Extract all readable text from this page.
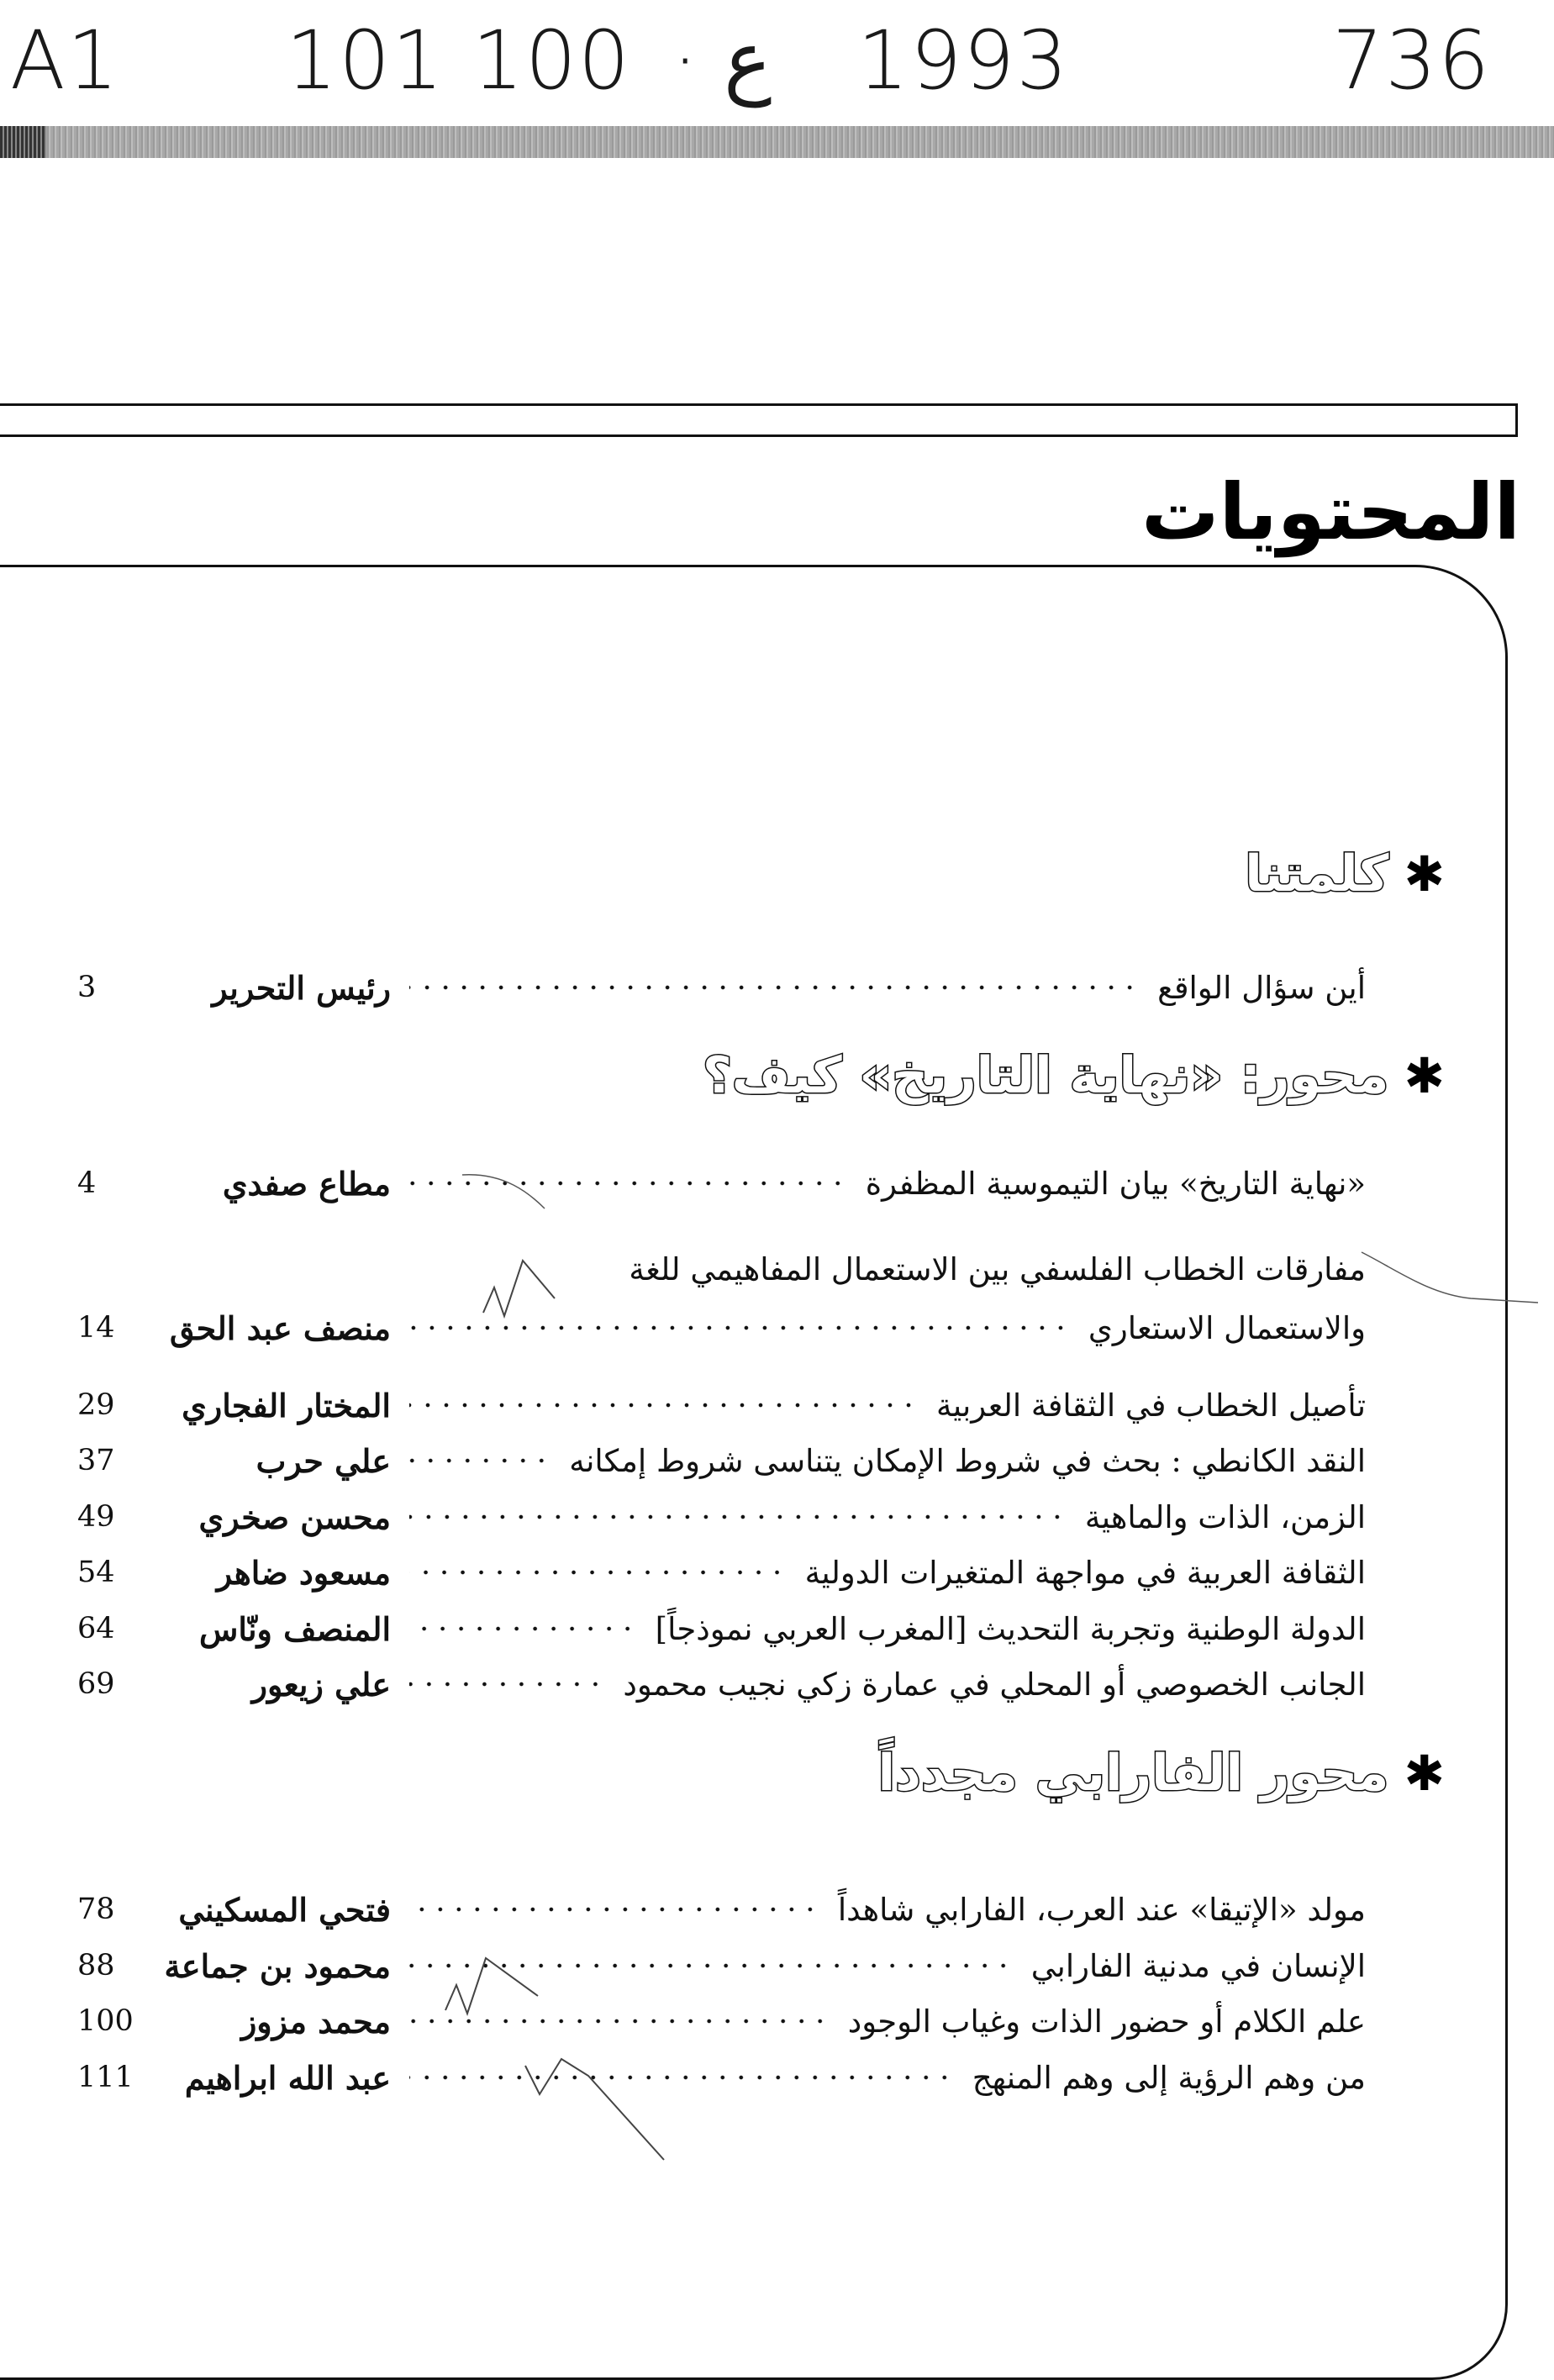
A1 101 100 · ع 1993	736
المحتويات
✱كلمتنا
أين سؤال الواقع
رئيس التحرير
3
✱محور: «نهاية التاريخ» كيف؟
«نهاية التاريخ» بيان التيموسية المظفرة
مطاع صفدي
4
مفارقات الخطاب الفلسفي بين الاستعمال المفاهيمي للغة
والاستعمال الاستعاري
منصف عبد الحق
14
تأصيل الخطاب في الثقافة العربية
المختار الفجاري
29
النقد الكانطي : بحث في شروط الإمكان يتناسى شروط إمكانه
علي حرب
37
الزمن، الذات والماهية
محسن صخري
49
الثقافة العربية في مواجهة المتغيرات الدولية
مسعود ضاهر
54
الدولة الوطنية وتجربة التحديث [المغرب العربي نموذجاً]
المنصف ونّاس
64
الجانب الخصوصي أو المحلي في عمارة زكي نجيب محمود
علي زيعور
69
✱محور الفارابي مجدداً
مولد «الإتيقا» عند العرب، الفارابي شاهداً
فتحي المسكيني
78
الإنسان في مدنية الفارابي
محمود بن جماعة
88
علم الكلام أو حضور الذات وغياب الوجود
محمد مزوز
100
من وهم الرؤية إلى وهم المنهج
عبد الله ابراهيم
111
